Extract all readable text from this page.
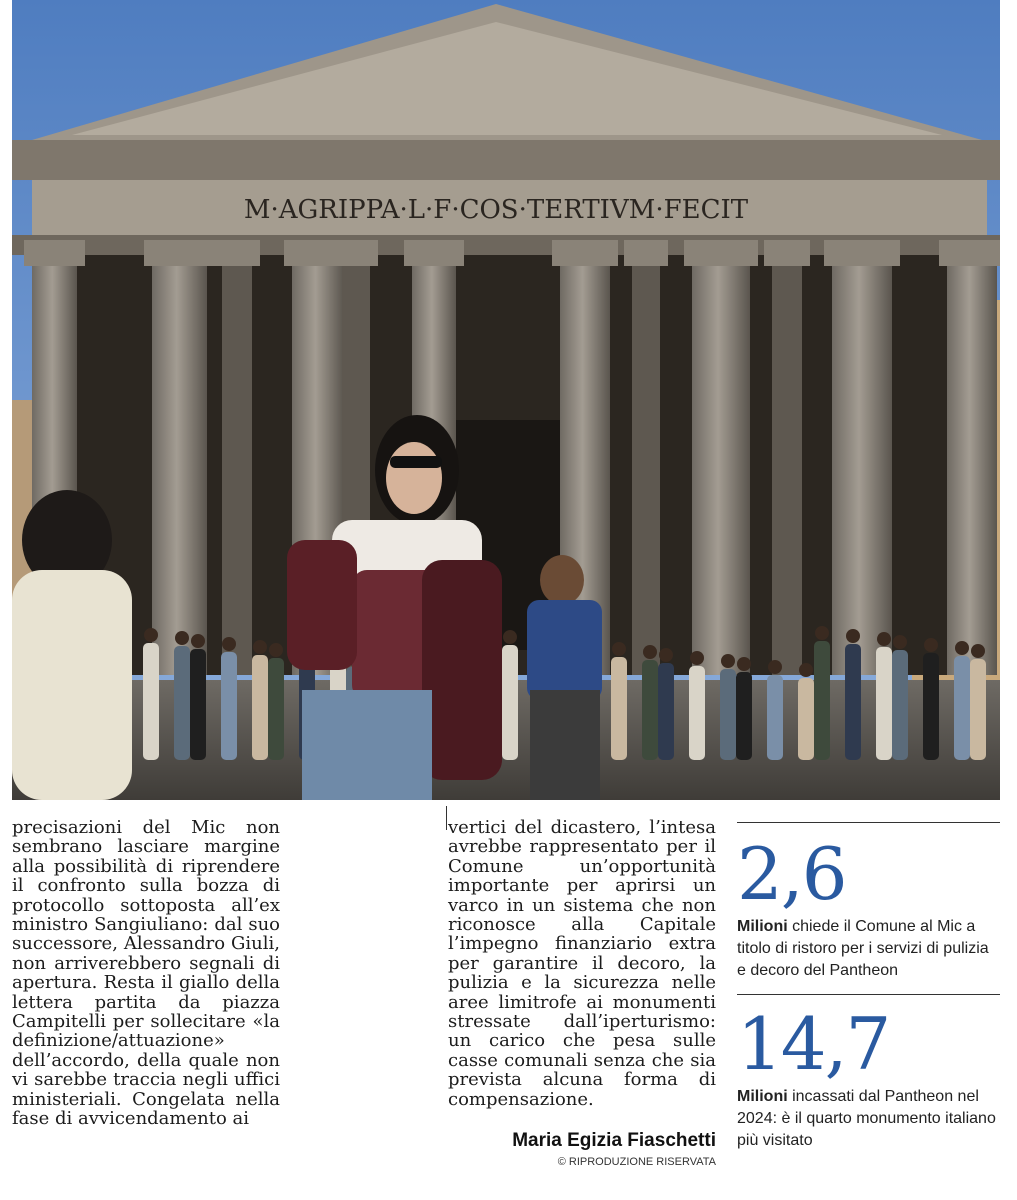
M·AGRIPPA·L·F·COS·TERTIVM·FECIT

precisazioni del Mic non sembrano lasciare margine alla possibilità di riprendere il confronto sulla bozza di protocollo sottoposta all’ex ministro Sangiuliano: dal suo successore, Alessandro Giuli, non arriverebbero segnali di apertura. Resta il giallo della lettera partita da piazza Campitelli per sollecitare «la definizione/attuazione» dell’accordo, della quale non vi sarebbe traccia negli uffici ministeriali. Congelata nella fase di avvicendamento ai

vertici del dicastero, l’intesa avrebbe rappresentato per il Comune un’opportunità importante per aprirsi un varco in un sistema che non riconosce alla Capitale l’impegno finanziario extra per garantire il decoro, la pulizia e la sicurezza nelle aree limitrofe ai monumenti stressate dall’iperturismo: un carico che pesa sulle casse comunali senza che sia prevista alcuna forma di compensazione.

Maria Egizia Fiaschetti
© RIPRODUZIONE RISERVATA
2,6
Milioni chiede il Comune al Mic a titolo di ristoro per i servizi di pulizia e decoro del Pantheon
14,7
Milioni incassati dal Pantheon nel 2024: è il quarto monumento italiano più visitato
